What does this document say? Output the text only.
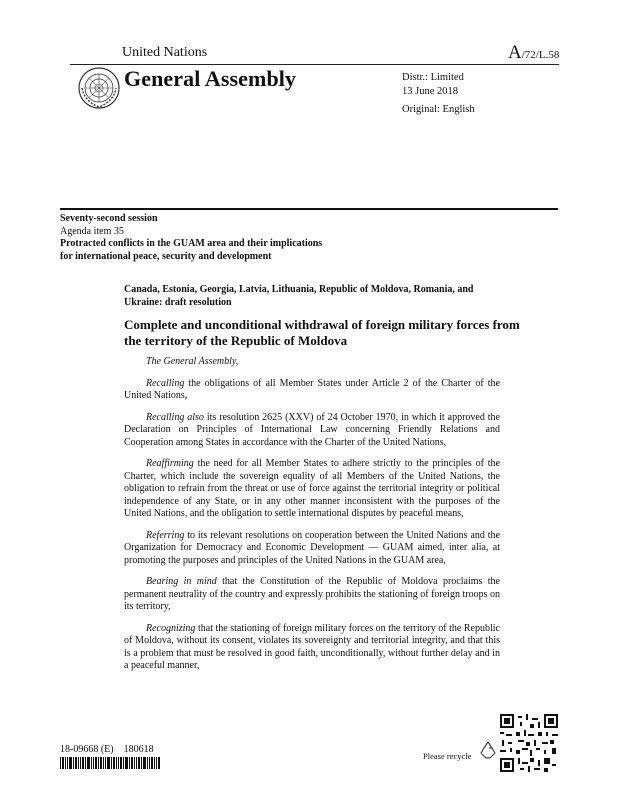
United Nations	A/72/L.58
General Assembly	Distr.: Limited
13 June 2018
Original: English
Seventy-second session
Agenda item 35
Protracted conflicts in the GUAM area and their implications
for international peace, security and development
Canada, Estonia, Georgia, Latvia, Lithuania, Republic of Moldova, Romania, and Ukraine: draft resolution
Complete and unconditional withdrawal of foreign military forces from the territory of the Republic of Moldova

The General Assembly,

Recalling the obligations of all Member States under Article 2 of the Charter of the United Nations,

Recalling also its resolution 2625 (XXV) of 24 October 1970, in which it approved the Declaration on Principles of International Law concerning Friendly Relations and Cooperation among States in accordance with the Charter of the United Nations,

Reaffirming the need for all Member States to adhere strictly to the principles of the Charter, which include the sovereign equality of all Members of the United Nations, the obligation to refrain from the threat or use of force against the territorial integrity or political independence of any State, or in any other manner inconsistent with the purposes of the United Nations, and the obligation to settle international disputes by peaceful means,

Referring to its relevant resolutions on cooperation between the United Nations and the Organization for Democracy and Economic Development — GUAM aimed, inter alia, at promoting the purposes and principles of the United Nations in the GUAM area,

Bearing in mind that the Constitution of the Republic of Moldova proclaims the permanent neutrality of the country and expressly prohibits the stationing of foreign troops on its territory,

Recognizing that the stationing of foreign military forces on the territory of the Republic of Moldova, without its consent, violates its sovereignty and territorial integrity, and that this is a problem that must be resolved in good faith, unconditionally, without further delay and in a peaceful manner,

18-09668 (E)    180618
Please recycle
